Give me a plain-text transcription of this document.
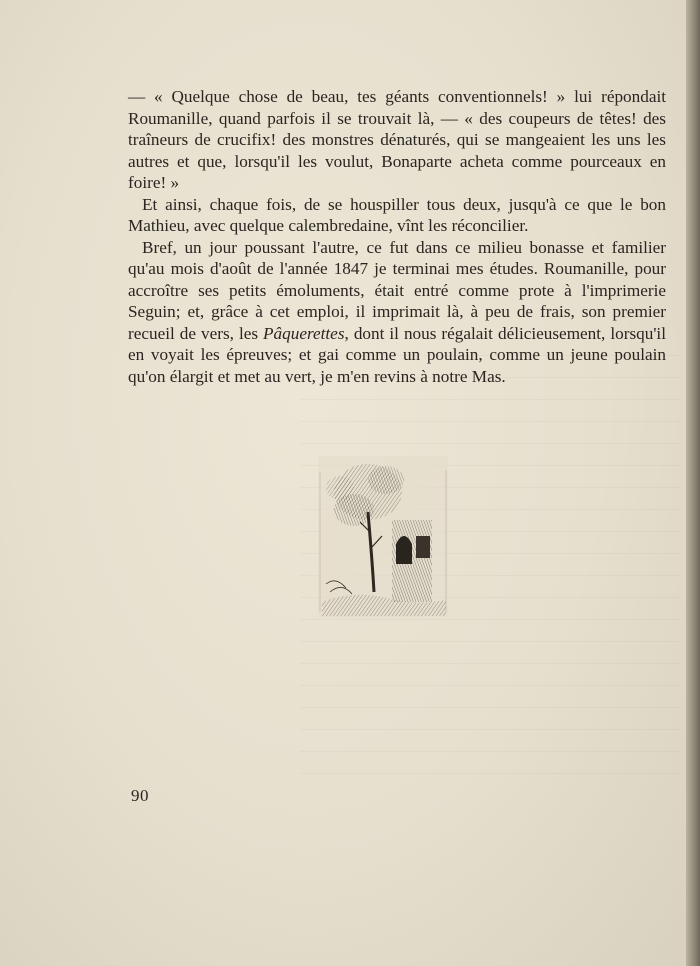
— « Quelque chose de beau, tes géants conventionnels! » lui répondait Roumanille, quand parfois il se trouvait là, — « des coupeurs de têtes! des traîneurs de crucifix! des monstres dénaturés, qui se mangeaient les uns les autres et que, lorsqu'il les voulut, Bonaparte acheta comme pourceaux en foire! »

Et ainsi, chaque fois, de se houspiller tous deux, jusqu'à ce que le bon Mathieu, avec quelque calembredaine, vînt les réconcilier.

Bref, un jour poussant l'autre, ce fut dans ce milieu bonasse et familier qu'au mois d'août de l'année 1847 je terminai mes études. Roumanille, pour accroître ses petits émoluments, était entré comme prote à l'imprimerie Seguin; et, grâce à cet emploi, il imprimait là, à peu de frais, son premier recueil de vers, les Pâquerettes, dont il nous régalait délicieusement, lorsqu'il en voyait les épreuves; et gai comme un poulain, comme un jeune poulain qu'on élargit et met au vert, je m'en revins à notre Mas.

90
